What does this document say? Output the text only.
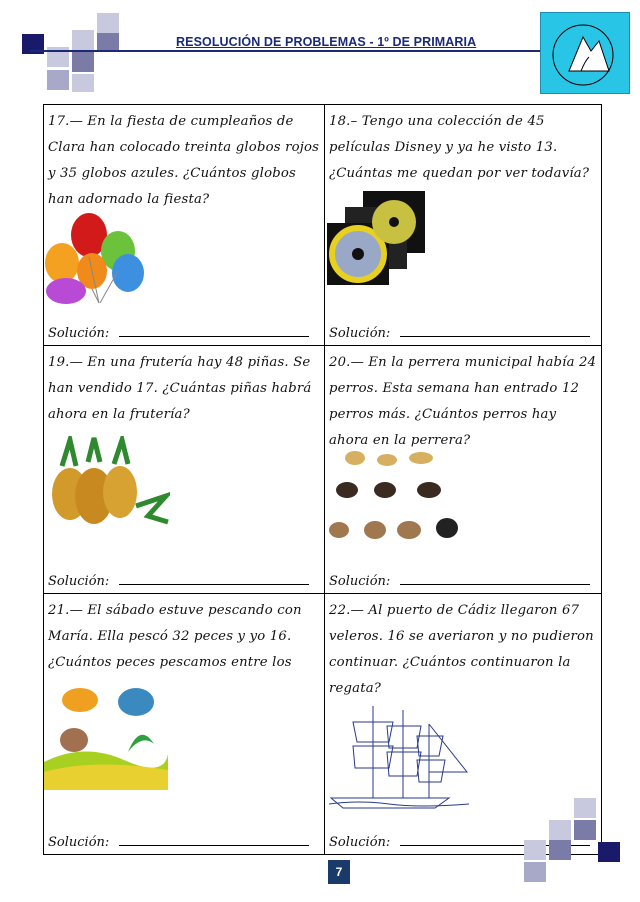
RESOLUCIÓN DE PROBLEMAS - 1º DE PRIMARIA
17.— En la fiesta de cumpleaños de Clara han colocado treinta globos rojos y 35 globos azules. ¿Cuántos globos han adornado la fiesta?
Solución:
18.– Tengo una colección de 45 películas Disney y ya he visto 13. ¿Cuántas me quedan por ver todavía?
Solución:
19.— En una frutería hay 48 piñas. Se han vendido 17. ¿Cuántas piñas habrá ahora en la frutería?
Solución:
20.— En la perrera municipal había 24 perros. Esta semana han entrado 12 perros más. ¿Cuántos perros hay ahora en la perrera?
Solución:
21.— El sábado estuve pescando con María. Ella pescó 32 peces y yo 16. ¿Cuántos peces pescamos entre los
Solución:
22.— Al puerto de Cádiz llegaron 67 veleros. 16 se averiaron y no pudieron continuar. ¿Cuántos continuaron la regata?
Solución:
7
